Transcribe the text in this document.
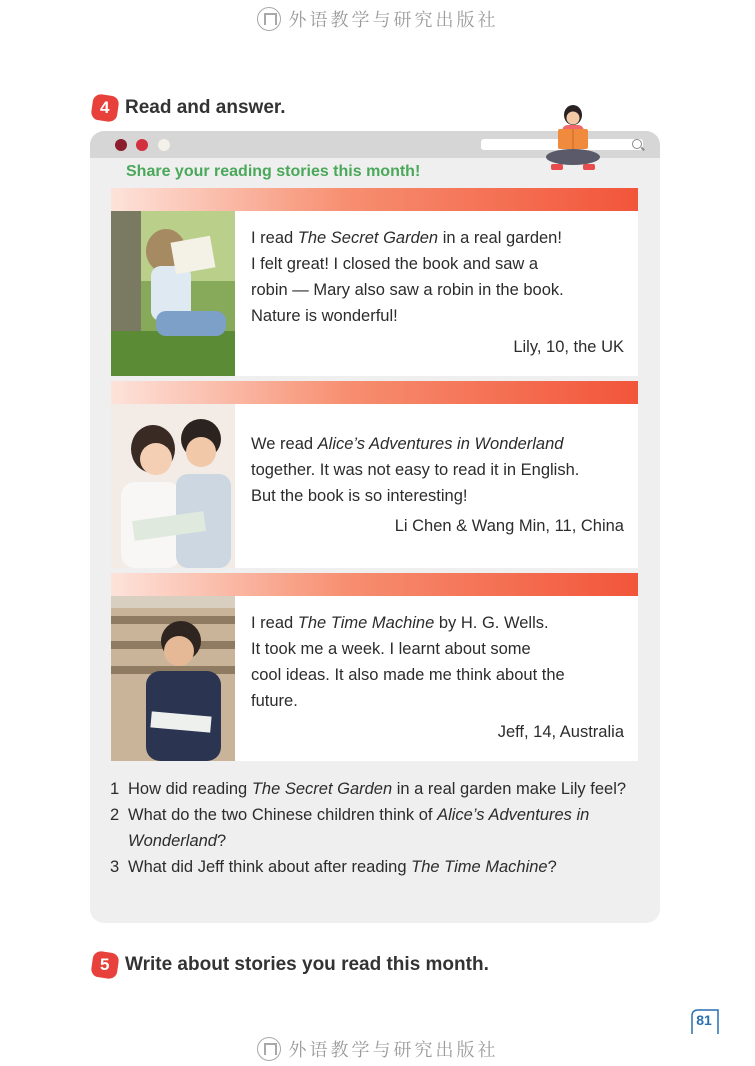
外语教学与研究出版社
4 Read and answer.
Share your reading stories this month!
I read The Secret Garden in a real garden!
I felt great! I closed the book and saw a
robin — Mary also saw a robin in the book.
Nature is wonderful!
Lily, 10, the UK
We read Alice’s Adventures in Wonderland
together. It was not easy to read it in English.
But the book is so interesting!
Li Chen & Wang Min, 11, China
I read The Time Machine by H. G. Wells.
It took me a week. I learnt about some
cool ideas. It also made me think about the
future.
Jeff, 14, Australia
1 How did reading The Secret Garden in a real garden make Lily feel?
2 What do the two Chinese children think of Alice’s Adventures in Wonderland?
3 What did Jeff think about after reading The Time Machine?
5 Write about stories you read this month.
81
外语教学与研究出版社
